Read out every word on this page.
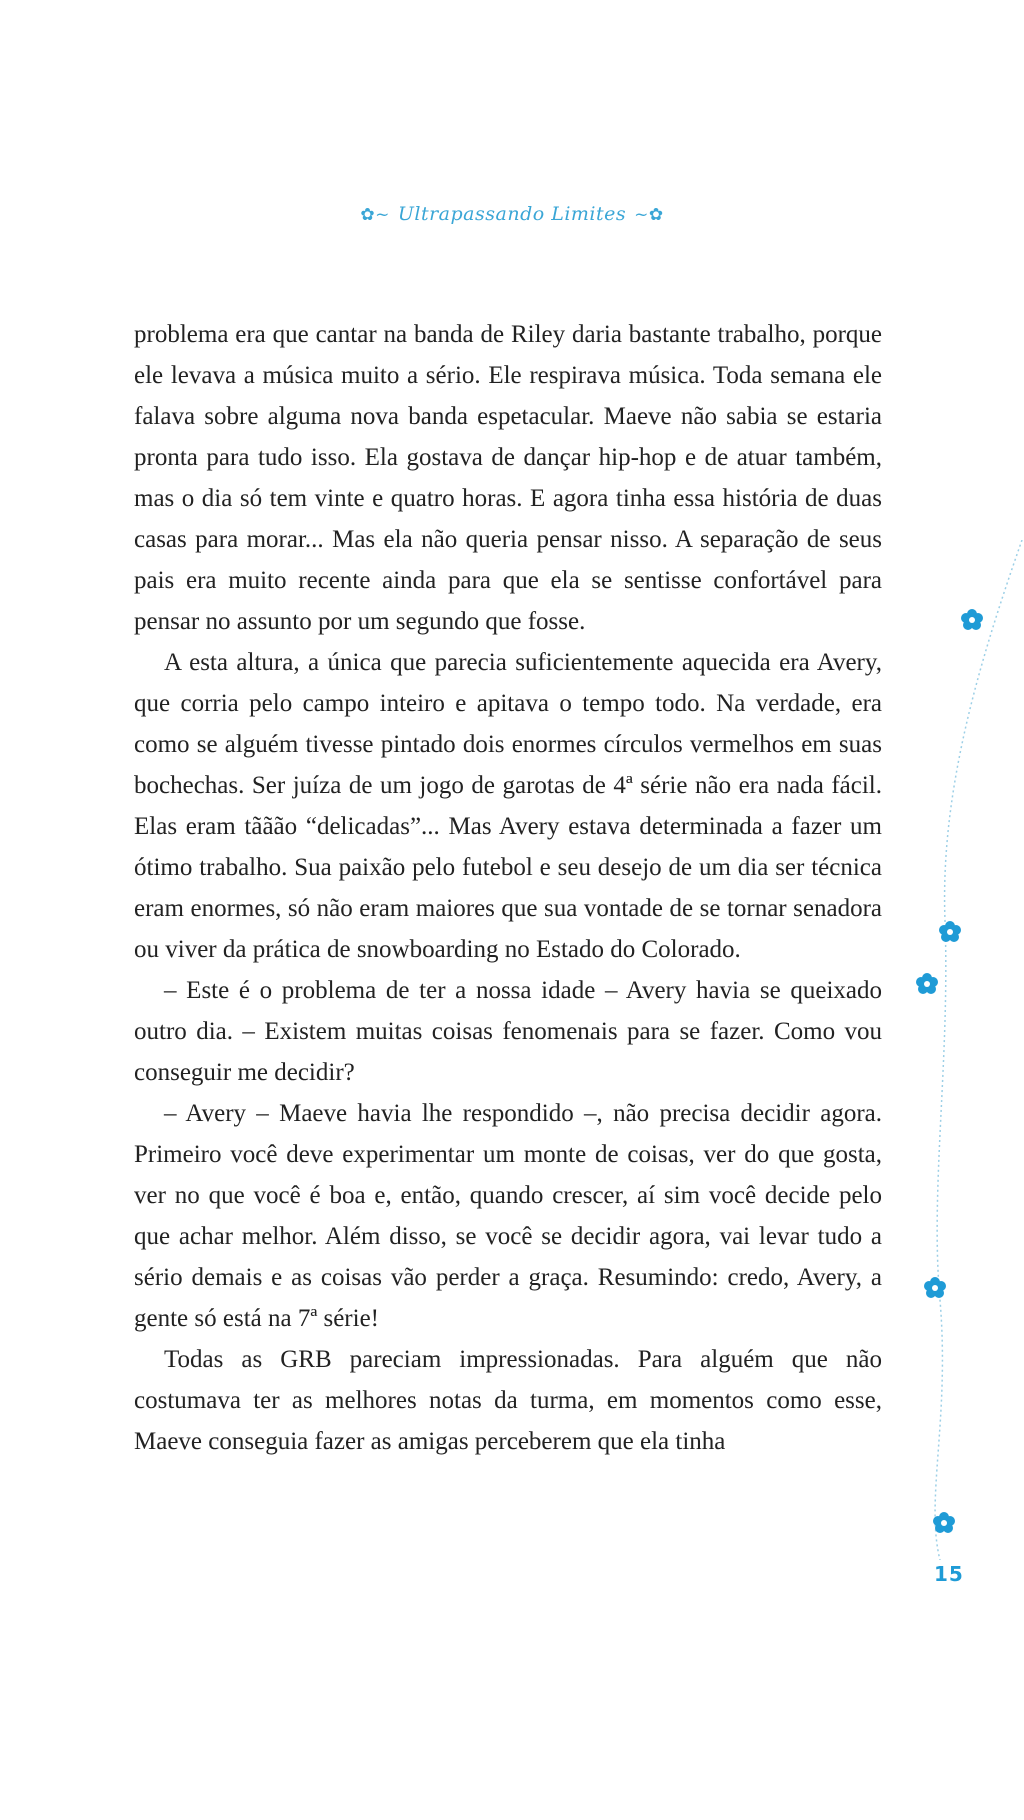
✿~ Ultrapassando Limites ~✿

problema era que cantar na banda de Riley daria bastante trabalho, porque ele levava a música muito a sério. Ele respirava música. Toda semana ele falava sobre alguma nova banda espetacular. Maeve não sabia se estaria pronta para tudo isso. Ela gostava de dançar hip-hop e de atuar também, mas o dia só tem vinte e quatro horas. E agora tinha essa história de duas casas para morar... Mas ela não queria pensar nisso. A separação de seus pais era muito recente ainda para que ela se sentisse confortável para pensar no assunto por um segundo que fosse.

A esta altura, a única que parecia suficientemente aquecida era Avery, que corria pelo campo inteiro e apitava o tempo todo. Na verdade, era como se alguém tivesse pintado dois enormes círculos vermelhos em suas bochechas. Ser juíza de um jogo de garotas de 4ª série não era nada fácil. Elas eram tããão “delicadas”... Mas Avery estava determinada a fazer um ótimo trabalho. Sua paixão pelo futebol e seu desejo de um dia ser técnica eram enormes, só não eram maiores que sua vontade de se tornar senadora ou viver da prática de snowboarding no Estado do Colorado.

– Este é o problema de ter a nossa idade – Avery havia se queixado outro dia. – Existem muitas coisas fenomenais para se fazer. Como vou conseguir me decidir?

– Avery – Maeve havia lhe respondido –, não precisa decidir agora. Primeiro você deve experimentar um monte de coisas, ver do que gosta, ver no que você é boa e, então, quando crescer, aí sim você decide pelo que achar melhor. Além disso, se você se decidir agora, vai levar tudo a sério demais e as coisas vão perder a graça. Resumindo: credo, Avery, a gente só está na 7ª série!

Todas as GRB pareciam impressionadas. Para alguém que não costumava ter as melhores notas da turma, em momentos como esse, Maeve conseguia fazer as amigas perceberem que ela tinha

15
